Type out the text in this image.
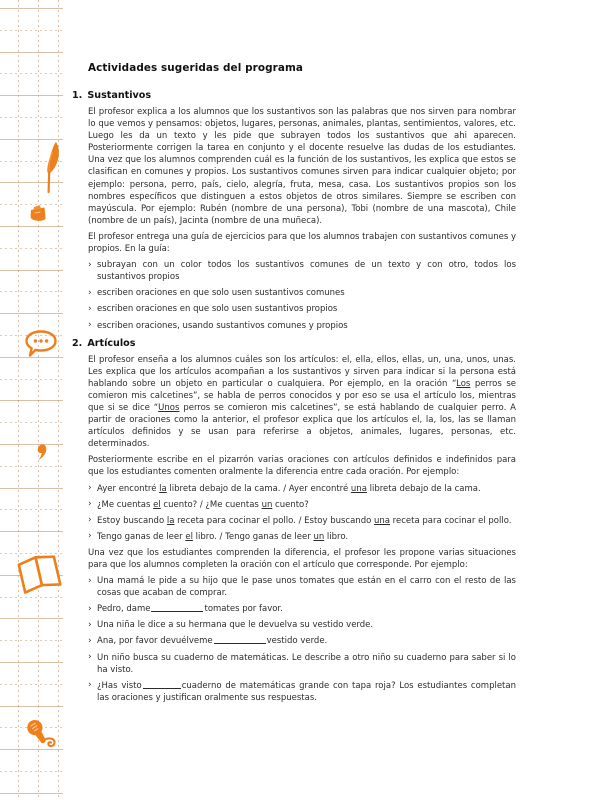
Actividades sugeridas del programa
1. Sustantivos

El profesor explica a los alumnos que los sustantivos son las palabras que nos sirven para nombrar lo que vemos y pensamos: objetos, lugares, personas, animales, plantas, sentimientos, valores, etc. Luego les da un texto y les pide que subrayen todos los sustantivos que ahi aparecen. Posteriormente corrigen la tarea en conjunto y el docente resuelve las dudas de los estudiantes. Una vez que los alumnos comprenden cuál es la función de los sustantivos, les explica que estos se clasifican en comunes y propios. Los sustantivos comunes sirven para indicar cualquier objeto; por ejemplo: persona, perro, país, cielo, alegría, fruta, mesa, casa. Los sustantivos propios son los nombres específicos que distinguen a estos objetos de otros similares. Siempre se escriben con mayúscula. Por ejemplo: Rubén (nombre de una persona), Tobi (nombre de una mascota), Chile (nombre de un país), Jacinta (nombre de una muñeca).

El profesor entrega una guía de ejercicios para que los alumnos trabajen con sustantivos comunes y propios. En la guía:

› subrayan con un color todos los sustantivos comunes de un texto y con otro, todos los sustantivos propios
› escriben oraciones en que solo usen sustantivos comunes
› escriben oraciones en que solo usen sustantivos propios
› escriben oraciones, usando sustantivos comunes y propios
2. Artículos

El profesor enseña a los alumnos cuáles son los artículos: el, ella, ellos, ellas, un, una, unos, unas. Les explica que los artículos acompañan a los sustantivos y sirven para indicar si la persona está hablando sobre un objeto en particular o cualquiera. Por ejemplo, en la oración “Los perros se comieron mis calcetines”, se habla de perros conocidos y por eso se usa el artículo los, mientras que si se dice “Unos perros se comieron mis calcetines”, se está hablando de cualquier perro. A partir de oraciones como la anterior, el profesor explica que los artículos el, la, los, las se llaman artículos definidos y se usan para referirse a objetos, animales, lugares, personas, etc. determinados.

Posteriormente escribe en el pizarrón varias oraciones con artículos definidos e indefinidos para que los estudiantes comenten oralmente la diferencia entre cada oración. Por ejemplo:

› Ayer encontré la libreta debajo de la cama. / Ayer encontré una libreta debajo de la cama.
› ¿Me cuentas el cuento? / ¿Me cuentas un cuento?
› Estoy buscando la receta para cocinar el pollo. / Estoy buscando una receta para cocinar el pollo.
› Tengo ganas de leer el libro. / Tengo ganas de leer un libro.

Una vez que los estudiantes comprenden la diferencia, el profesor les propone varias situaciones para que los alumnos completen la oración con el artículo que corresponde. Por ejemplo:

› Una mamá le pide a su hijo que le pase unos tomates que están en el carro con el resto de las cosas que acaban de comprar.
› Pedro, dame	tomates por favor.
› Una niña le dice a su hermana que le devuelva su vestido verde.
› Ana, por favor devuélveme	vestido verde.
› Un niño busca su cuaderno de matemáticas. Le describe a otro niño su cuaderno para saber si lo ha visto.
› ¿Has visto	cuaderno de matemáticas grande con tapa roja? Los estudiantes completan las oraciones y justifican oralmente sus respuestas.
